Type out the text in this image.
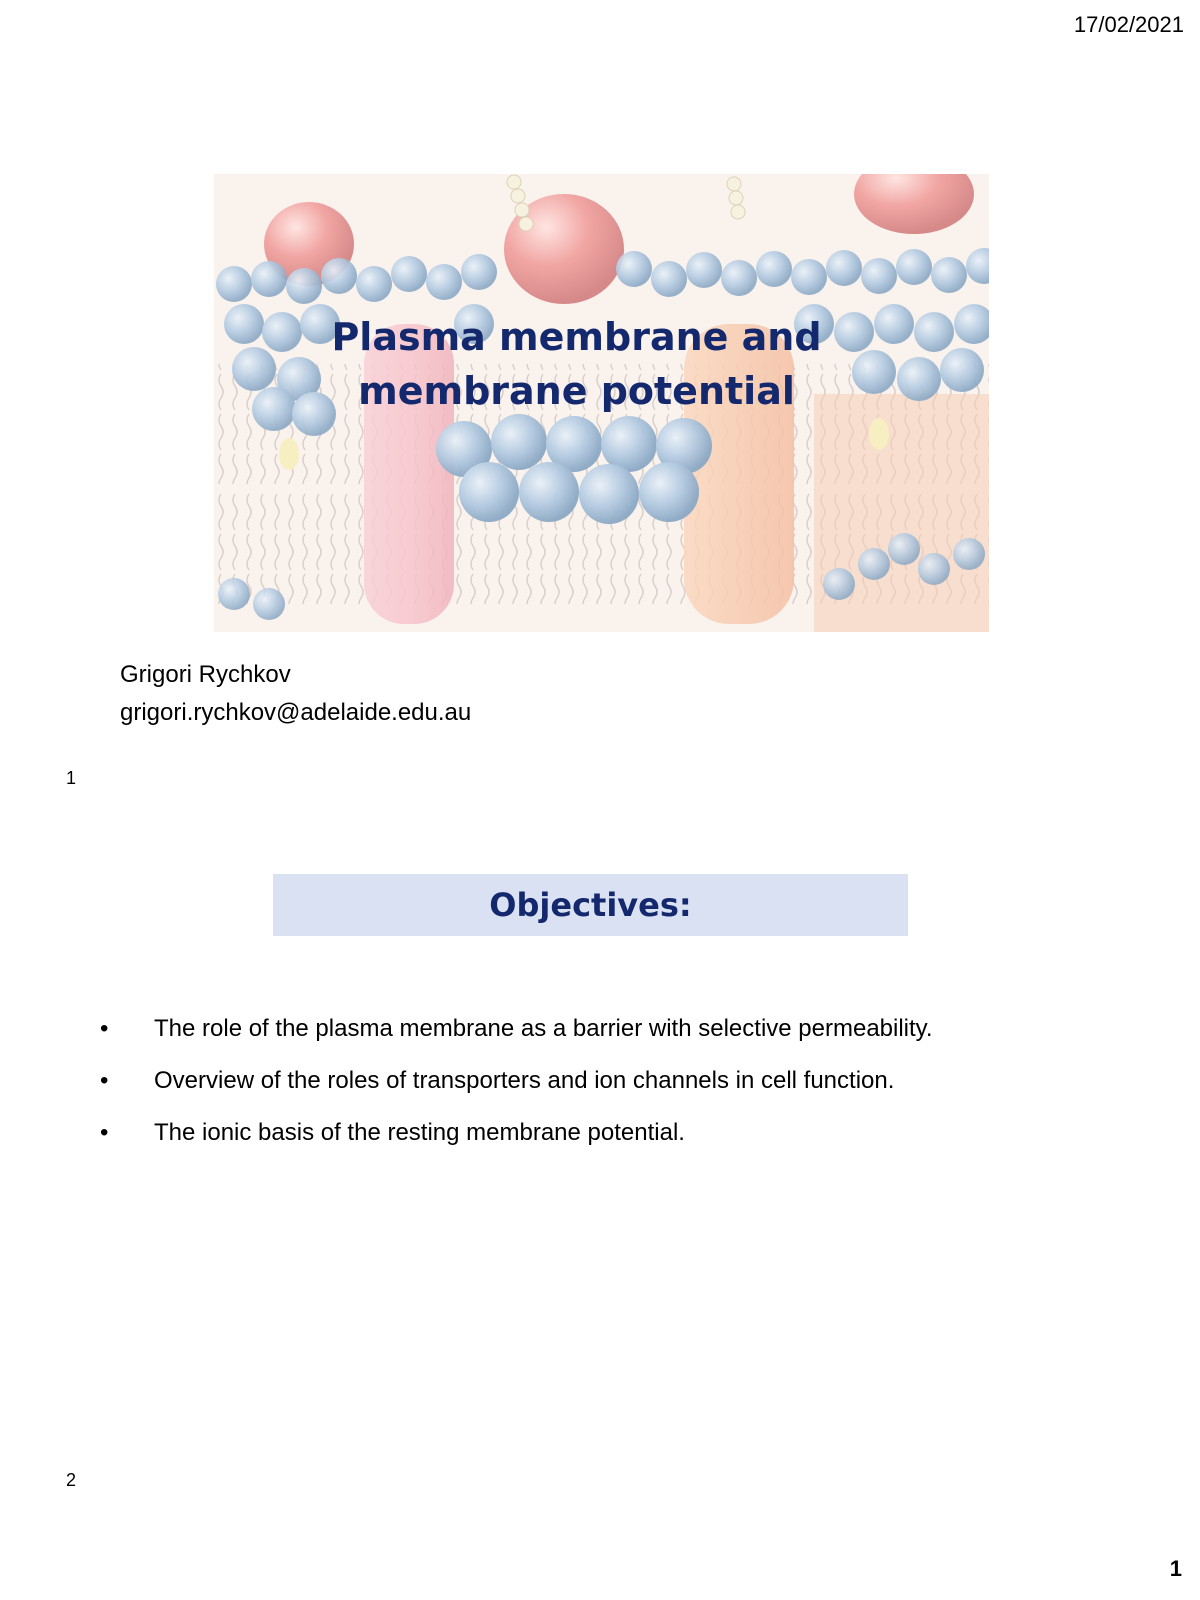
17/02/2021
Plasma membrane and
membrane potential
Grigori Rychkov
grigori.rychkov@adelaide.edu.au
1
Objectives:
• The role of the plasma membrane as a barrier with selective permeability.
• Overview of the roles of transporters and ion channels in cell function.
• The ionic basis of the resting membrane potential.
2
1
